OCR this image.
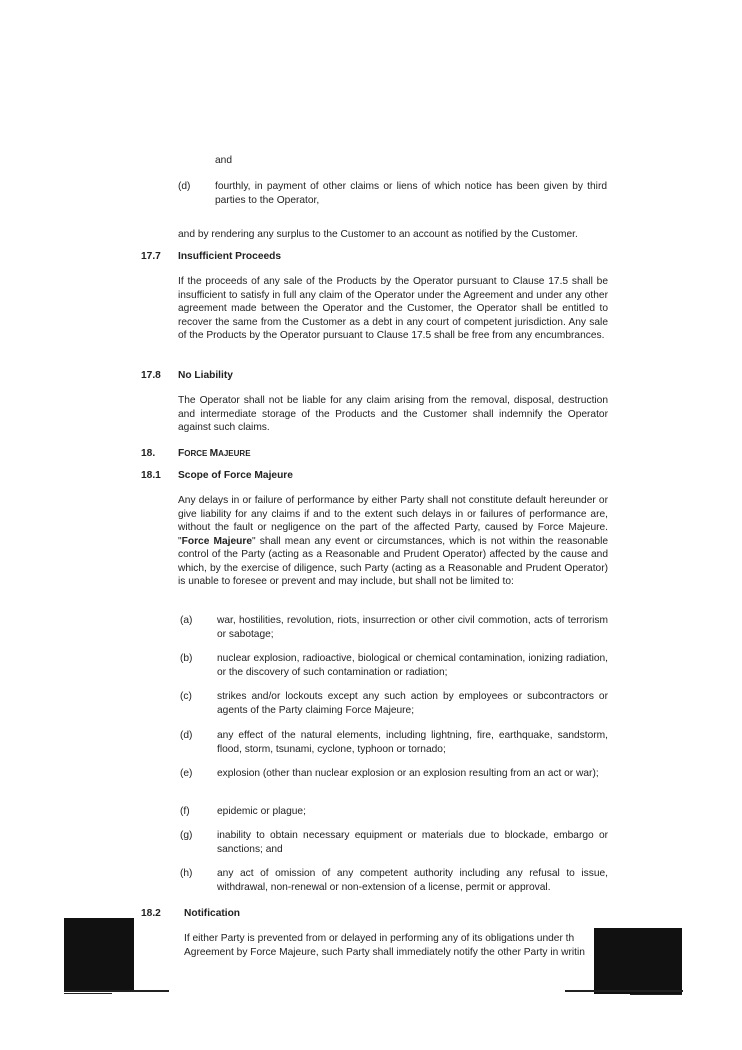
and

(d) fourthly, in payment of other claims or liens of which notice has been given by third parties to the Operator,

and by rendering any surplus to the Customer to an account as notified by the Customer.

17.7 Insufficient Proceeds

If the proceeds of any sale of the Products by the Operator pursuant to Clause 17.5 shall be insufficient to satisfy in full any claim of the Operator under the Agreement and under any other agreement made between the Operator and the Customer, the Operator shall be entitled to recover the same from the Customer as a debt in any court of competent jurisdiction. Any sale of the Products by the Operator pursuant to Clause 17.5 shall be free from any encumbrances.

17.8 No Liability

The Operator shall not be liable for any claim arising from the removal, disposal, destruction and intermediate storage of the Products and the Customer shall indemnify the Operator against such claims.

18. FORCE MAJEURE

18.1 Scope of Force Majeure

Any delays in or failure of performance by either Party shall not constitute default hereunder or give liability for any claims if and to the extent such delays in or failures of performance are, without the fault or negligence on the part of the affected Party, caused by Force Majeure. "Force Majeure" shall mean any event or circumstances, which is not within the reasonable control of the Party (acting as a Reasonable and Prudent Operator) affected by the cause and which, by the exercise of diligence, such Party (acting as a Reasonable and Prudent Operator) is unable to foresee or prevent and may include, but shall not be limited to:

(a) war, hostilities, revolution, riots, insurrection or other civil commotion, acts of terrorism or sabotage;

(b) nuclear explosion, radioactive, biological or chemical contamination, ionizing radiation, or the discovery of such contamination or radiation;

(c) strikes and/or lockouts except any such action by employees or subcontractors or agents of the Party claiming Force Majeure;

(d) any effect of the natural elements, including lightning, fire, earthquake, sandstorm, flood, storm, tsunami, cyclone, typhoon or tornado;

(e) explosion (other than nuclear explosion or an explosion resulting from an act or war);

(f)	epidemic or plague;

(g) inability to obtain necessary equipment or materials due to blockade, embargo or sanctions; and

(h) any act of omission of any competent authority including any refusal to issue, withdrawal, non-renewal or non-extension of a license, permit or approval.

18.2 Notification

If either Party is prevented from or delayed in performing any of its obligations under th

Agreement by Force Majeure, such Party shall immediately notify the other Party in writin
